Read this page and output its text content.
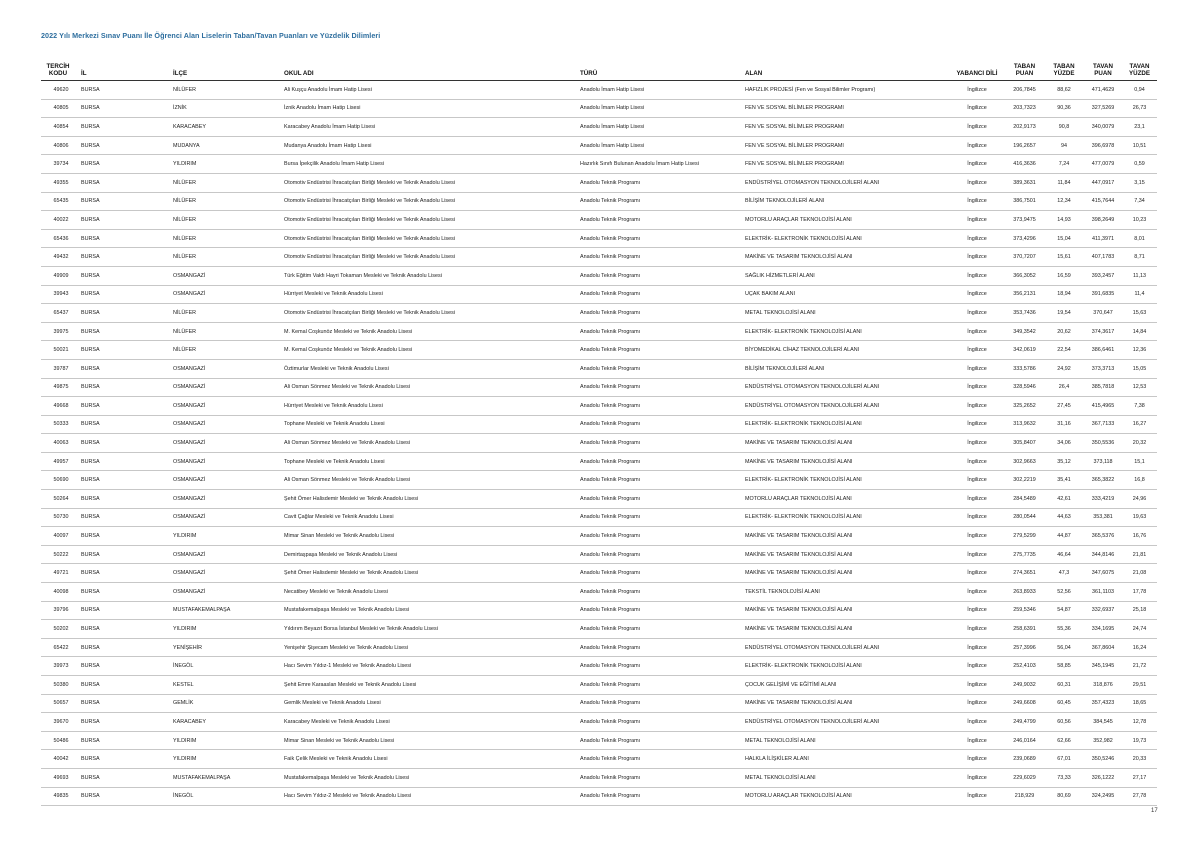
2022 Yılı Merkezi Sınav Puanı İle Öğrenci Alan Liselerin Taban/Tavan Puanları ve Yüzdelik Dilimleri
TERCİH KODU	İL	İLÇE	OKUL ADI	TÜRÜ	ALAN	YABANCI DİLİ	TABAN PUAN	TABAN YÜZDE	TAVAN PUAN	TAVAN YÜZDE
49620	BURSA	NİLÜFER	Ali Kuşçu Anadolu İmam Hatip Lisesi	Anadolu İmam Hatip Lisesi	HAFIZLIK PROJESİ (Fen ve Sosyal Bilimler Programı)	İngilizce	206,7845	88,62	471,4629	0,94
40805	BURSA	İZNİK	İznik Anadolu İmam Hatip Lisesi	Anadolu İmam Hatip Lisesi	FEN VE SOSYAL BİLİMLER PROGRAMI	İngilizce	203,7323	90,36	327,5269	26,73
40854	BURSA	KARACABEY	Karacabey Anadolu İmam Hatip Lisesi	Anadolu İmam Hatip Lisesi	FEN VE SOSYAL BİLİMLER PROGRAMI	İngilizce	202,9173	90,8	340,0079	23,1
40806	BURSA	MUDANYA	Mudanya Anadolu İmam Hatip Lisesi	Anadolu İmam Hatip Lisesi	FEN VE SOSYAL BİLİMLER PROGRAMI	İngilizce	196,2657	94	396,6978	10,51
39734	BURSA	YILDIRIM	Bursa İpekçilik Anadolu İmam Hatip Lisesi	Hazırlık Sınıfı Bulunan Anadolu İmam Hatip Lisesi	FEN VE SOSYAL BİLİMLER PROGRAMI	İngilizce	416,3636	7,24	477,0079	0,59
49355	BURSA	NİLÜFER	Otomotiv Endüstrisi İhracatçıları Birliği Mesleki ve Teknik Anadolu Lisesi	Anadolu Teknik Programı	ENDÜSTRİYEL OTOMASYON TEKNOLOJİLERİ ALANI	İngilizce	389,3631	11,84	447,0917	3,15
65435	BURSA	NİLÜFER	Otomotiv Endüstrisi İhracatçıları Birliği Mesleki ve Teknik Anadolu Lisesi	Anadolu Teknik Programı	BİLİŞİM TEKNOLOJİLERİ ALANI	İngilizce	386,7501	12,34	415,7644	7,34
40022	BURSA	NİLÜFER	Otomotiv Endüstrisi İhracatçıları Birliği Mesleki ve Teknik Anadolu Lisesi	Anadolu Teknik Programı	MOTORLU ARAÇLAR TEKNOLOJİSİ ALANI	İngilizce	373,9475	14,93	398,2649	10,23
65436	BURSA	NİLÜFER	Otomotiv Endüstrisi İhracatçıları Birliği Mesleki ve Teknik Anadolu Lisesi	Anadolu Teknik Programı	ELEKTRİK- ELEKTRONİK TEKNOLOJİSİ ALANI	İngilizce	373,4296	15,04	411,3971	8,01
49432	BURSA	NİLÜFER	Otomotiv Endüstrisi İhracatçıları Birliği Mesleki ve Teknik Anadolu Lisesi	Anadolu Teknik Programı	MAKİNE VE TASARIM TEKNOLOJİSİ ALANI	İngilizce	370,7207	15,61	407,1783	8,71
49909	BURSA	OSMANGAZİ	Türk Eğitim Vakfı Hayri Tokaman Mesleki ve Teknik Anadolu Lisesi	Anadolu Teknik Programı	SAĞLIK HİZMETLERİ ALANI	İngilizce	366,3052	16,59	393,2457	11,13
39943	BURSA	OSMANGAZİ	Hürriyet Mesleki ve Teknik Anadolu Lisesi	Anadolu Teknik Programı	UÇAK BAKIM ALANI	İngilizce	356,2131	18,94	391,6835	11,4
65437	BURSA	NİLÜFER	Otomotiv Endüstrisi İhracatçıları Birliği Mesleki ve Teknik Anadolu Lisesi	Anadolu Teknik Programı	METAL TEKNOLOJİSİ ALANI	İngilizce	353,7436	19,54	370,647	15,63
39975	BURSA	NİLÜFER	M. Kemal Coşkunöz Mesleki ve Teknik Anadolu Lisesi	Anadolu Teknik Programı	ELEKTRİK- ELEKTRONİK TEKNOLOJİSİ ALANI	İngilizce	349,3542	20,62	374,3617	14,84
50021	BURSA	NİLÜFER	M. Kemal Coşkunöz Mesleki ve Teknik Anadolu Lisesi	Anadolu Teknik Programı	BİYOMEDİKAL CİHAZ TEKNOLOJİLERİ ALANI	İngilizce	342,0619	22,54	386,6461	12,36
39787	BURSA	OSMANGAZİ	Öztimurlar Mesleki ve Teknik Anadolu Lisesi	Anadolu Teknik Programı	BİLİŞİM TEKNOLOJİLERİ ALANI	İngilizce	333,5786	24,92	373,3713	15,05
49875	BURSA	OSMANGAZİ	Ali Osman Sönmez Mesleki ve Teknik Anadolu Lisesi	Anadolu Teknik Programı	ENDÜSTRİYEL OTOMASYON TEKNOLOJİLERİ ALANI	İngilizce	328,5946	26,4	385,7818	12,53
49668	BURSA	OSMANGAZİ	Hürriyet Mesleki ve Teknik Anadolu Lisesi	Anadolu Teknik Programı	ENDÜSTRİYEL OTOMASYON TEKNOLOJİLERİ ALANI	İngilizce	325,2652	27,45	415,4965	7,38
50333	BURSA	OSMANGAZİ	Tophane Mesleki ve Teknik Anadolu Lisesi	Anadolu Teknik Programı	ELEKTRİK- ELEKTRONİK TEKNOLOJİSİ ALANI	İngilizce	313,9632	31,16	367,7133	16,27
40063	BURSA	OSMANGAZİ	Ali Osman Sönmez Mesleki ve Teknik Anadolu Lisesi	Anadolu Teknik Programı	MAKİNE VE TASARIM TEKNOLOJİSİ ALANI	İngilizce	305,8407	34,06	350,5536	20,32
49957	BURSA	OSMANGAZİ	Tophane Mesleki ve Teknik Anadolu Lisesi	Anadolu Teknik Programı	MAKİNE VE TASARIM TEKNOLOJİSİ ALANI	İngilizce	302,9663	35,12	373,118	15,1
50690	BURSA	OSMANGAZİ	Ali Osman Sönmez Mesleki ve Teknik Anadolu Lisesi	Anadolu Teknik Programı	ELEKTRİK- ELEKTRONİK TEKNOLOJİSİ ALANI	İngilizce	302,2219	35,41	365,3822	16,8
50264	BURSA	OSMANGAZİ	Şehit Ömer Halisdemir Mesleki ve Teknik Anadolu Lisesi	Anadolu Teknik Programı	MOTORLU ARAÇLAR TEKNOLOJİSİ ALANI	İngilizce	284,5489	42,61	333,4219	24,96
50730	BURSA	OSMANGAZİ	Cavit Çağlar Mesleki ve Teknik Anadolu Lisesi	Anadolu Teknik Programı	ELEKTRİK- ELEKTRONİK TEKNOLOJİSİ ALANI	İngilizce	280,0544	44,63	353,381	19,63
40097	BURSA	YILDIRIM	Mimar Sinan Mesleki ve Teknik Anadolu Lisesi	Anadolu Teknik Programı	MAKİNE VE TASARIM TEKNOLOJİSİ ALANI	İngilizce	279,5299	44,87	365,5376	16,76
50222	BURSA	OSMANGAZİ	Demirtaşpaşa Mesleki ve Teknik Anadolu Lisesi	Anadolu Teknik Programı	MAKİNE VE TASARIM TEKNOLOJİSİ ALANI	İngilizce	275,7735	46,64	344,8146	21,81
49721	BURSA	OSMANGAZİ	Şehit Ömer Halisdemir Mesleki ve Teknik Anadolu Lisesi	Anadolu Teknik Programı	MAKİNE VE TASARIM TEKNOLOJİSİ ALANI	İngilizce	274,3651	47,3	347,6075	21,08
40098	BURSA	OSMANGAZİ	Necatibey Mesleki ve Teknik Anadolu Lisesi	Anadolu Teknik Programı	TEKSTİL TEKNOLOJİSİ ALANI	İngilizce	263,8933	52,56	361,1103	17,78
39796	BURSA	MUSTAFAKEMALPAŞA	Mustafakemalpaşa Mesleki ve Teknik Anadolu Lisesi	Anadolu Teknik Programı	MAKİNE VE TASARIM TEKNOLOJİSİ ALANI	İngilizce	259,5346	54,87	332,6937	25,18
50202	BURSA	YILDIRIM	Yıldırım Beyazıt Borsa İstanbul Mesleki ve Teknik Anadolu Lisesi	Anadolu Teknik Programı	MAKİNE VE TASARIM TEKNOLOJİSİ ALANI	İngilizce	258,6391	55,36	334,1695	24,74
65422	BURSA	YENİŞEHİR	Yenişehir Şişecam Mesleki ve Teknik Anadolu Lisesi	Anadolu Teknik Programı	ENDÜSTRİYEL OTOMASYON TEKNOLOJİLERİ ALANI	İngilizce	257,3996	56,04	367,8604	16,24
39973	BURSA	İNEGÖL	Hacı Sevim Yıldız-1 Mesleki ve Teknik Anadolu Lisesi	Anadolu Teknik Programı	ELEKTRİK- ELEKTRONİK TEKNOLOJİSİ ALANI	İngilizce	252,4103	58,85	345,1945	21,72
50380	BURSA	KESTEL	Şehit Emre Karaaslan Mesleki ve Teknik Anadolu Lisesi	Anadolu Teknik Programı	ÇOCUK GELİŞİMİ VE EĞİTİMİ ALANI	İngilizce	249,9032	60,31	318,876	29,51
50657	BURSA	GEMLİK	Gemlik Mesleki ve Teknik Anadolu Lisesi	Anadolu Teknik Programı	MAKİNE VE TASARIM TEKNOLOJİSİ ALANI	İngilizce	249,6608	60,45	357,4323	18,65
39670	BURSA	KARACABEY	Karacabey Mesleki ve Teknik Anadolu Lisesi	Anadolu Teknik Programı	ENDÜSTRİYEL OTOMASYON TEKNOLOJİLERİ ALANI	İngilizce	249,4799	60,56	384,545	12,78
50486	BURSA	YILDIRIM	Mimar Sinan Mesleki ve Teknik Anadolu Lisesi	Anadolu Teknik Programı	METAL TEKNOLOJİSİ ALANI	İngilizce	246,0164	62,66	352,982	19,73
40042	BURSA	YILDIRIM	Faik Çelik Mesleki ve Teknik Anadolu Lisesi	Anadolu Teknik Programı	HALKLA İLİŞKİLER ALANI	İngilizce	239,0689	67,01	350,5246	20,33
49693	BURSA	MUSTAFAKEMALPAŞA	Mustafakemalpaşa Mesleki ve Teknik Anadolu Lisesi	Anadolu Teknik Programı	METAL TEKNOLOJİSİ ALANI	İngilizce	229,6029	73,33	326,1222	27,17
49835	BURSA	İNEGÖL	Hacı Sevim Yıldız-2 Mesleki ve Teknik Anadolu Lisesi	Anadolu Teknik Programı	MOTORLU ARAÇLAR TEKNOLOJİSİ ALANI	İngilizce	218,929	80,69	324,2495	27,78
17
